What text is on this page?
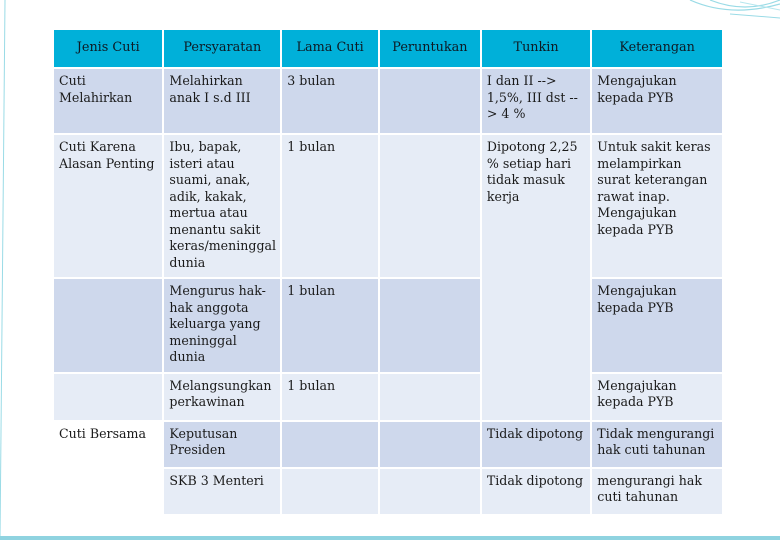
Jenis Cuti	Persyaratan	Lama Cuti	Peruntukan	Tunkin	Keterangan
Cuti Melahirkan	Melahirkan anak I s.d III	3 bulan		I dan II --> 1,5%, III dst --> 4 %	Mengajukan kepada PYB
Cuti Karena Alasan Penting	Ibu, bapak, isteri atau suami, anak, adik, kakak, mertua atau menantu sakit keras/meninggal dunia	1 bulan		Dipotong 2,25 % setiap hari tidak masuk kerja	Untuk sakit keras melampirkan surat keterangan rawat inap. Mengajukan kepada PYB
	Mengurus hak-hak anggota keluarga yang meninggal dunia	1 bulan			Mengajukan kepada PYB
	Melangsungkan perkawinan	1 bulan			Mengajukan kepada PYB
Cuti Bersama	Keputusan Presiden			Tidak dipotong	Tidak mengurangi hak cuti tahunan
	SKB 3 Menteri			Tidak dipotong	mengurangi hak cuti tahunan
